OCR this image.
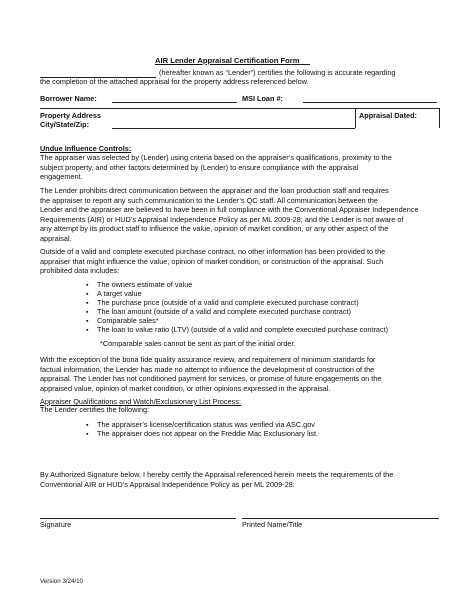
AIR Lender Appraisal Certification Form
(hereafter known as “Lender”) certifies the following is accurate regarding
the completion of the attached appraisal for the property address referenced below.
Borrower Name:	MSI Loan #:
Property Address
City/State/Zip:
Appraisal Dated:
Undue Influence Controls:
The appraiser was selected by (Lender) using criteria based on the appraiser’s qualifications, proximity to the
subject property, and other factors determined by (Lender) to ensure compliance with the appraisal
engagement.
The Lender prohibits direct communication between the appraiser and the loan production staff and requires
the appraiser to report any such communication to the Lender’s QC staff. All communication between the
Lender and the appraiser are believed to have been in full compliance with the Conventional Appraiser Independence
Requirements (AIR) or HUD’s Appraisal Independence Policy as per ML 2009-28; and the Lender is not aware of
any attempt by its product staff to influence the value, opinion of market condition, or any other aspect of the
appraisal.
Outside of a valid and complete executed purchase contract, no other information has been provided to the
appraiser that might influence the value, opinion of market condition, or construction of the appraisal. Such
prohibited data includes:
▪ The owners estimate of value
▪ A target value
▪ The purchase price (outside of a valid and complete executed purchase contract)
▪ The loan amount (outside of a valid and complete executed purchase contract)
▪ Comparable sales*
▪ The loan to value ratio (LTV) (outside of a valid and complete executed purchase contract)
*Comparable sales cannot be sent as part of the initial order.
With the exception of the bona fide quality assurance review, and requirement of minimum standards for
factual information, the Lender has made no attempt to influence the development of construction of the
appraisal. The Lender has not conditioned payment for services, or promise of future engagements on the
appraised value, opinion of market condition, or other opinions expressed in the appraisal.
Appraiser Qualifications and Watch/Exclusionary List Process:
The Lender certifies the following:
▪ The appraiser’s license/certification status was verified via ASC.gov
▪ The appraiser does not appear on the Freddie Mac Exclusionary list.
By Authorized Signature below, I hereby certify the Appraisal referenced herein meets the requirements of the
Conventional AIR or HUD’s Appraisal Independence Policy as per ML 2009-28:
Signature	Printed Name/Title
Version 3/24/10
